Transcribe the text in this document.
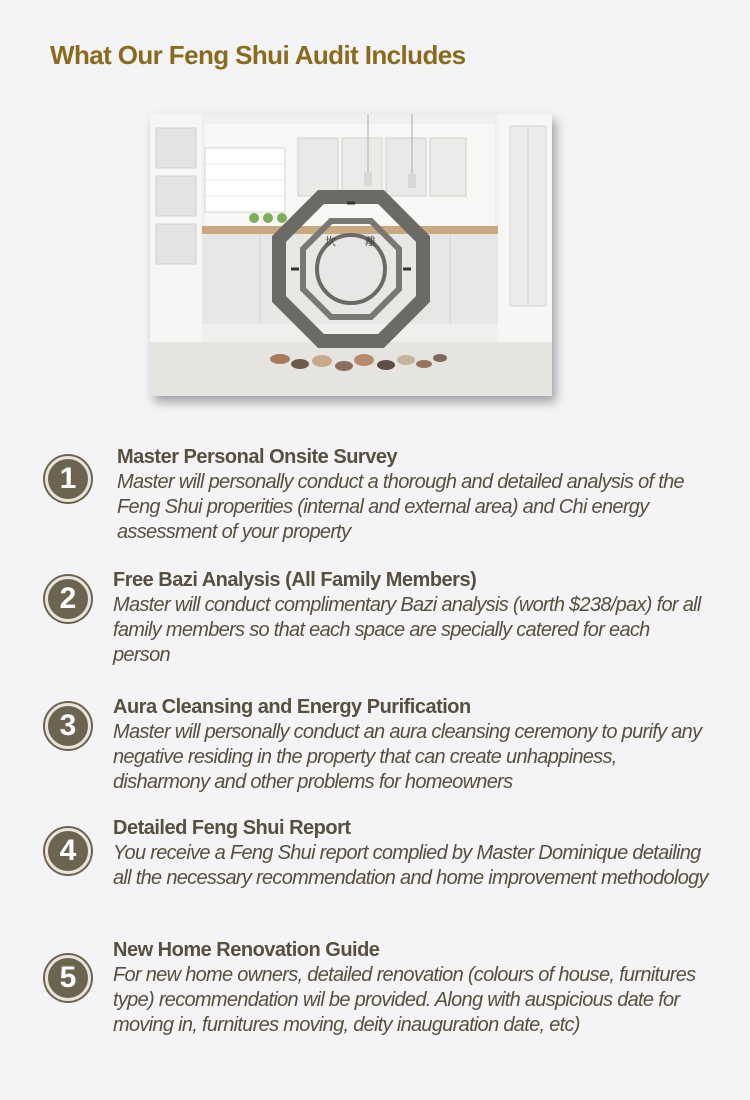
What Our Feng Shui Audit Includes
坎	離
1
Master Personal Onsite Survey
Master will personally conduct a thorough and detailed analysis of the Feng Shui properities (internal and external area) and Chi energy assessment of your property
2
Free Bazi Analysis (All Family Members)
Master will conduct complimentary Bazi analysis (worth $238/pax) for all family members so that each space are specially catered for each person
3
Aura Cleansing and Energy Purification
Master will personally conduct an aura cleansing ceremony to purify any negative residing in the property that can create unhappiness, disharmony and other problems for homeowners
4
Detailed Feng Shui Report
You receive a Feng Shui report complied by Master Dominique detailing all the necessary recommendation and home improvement methodology
5
New Home Renovation Guide
For new home owners, detailed renovation (colours of house, furnitures type) recommendation wil be provided. Along with auspicious date for moving in, furnitures moving, deity inauguration date, etc)
